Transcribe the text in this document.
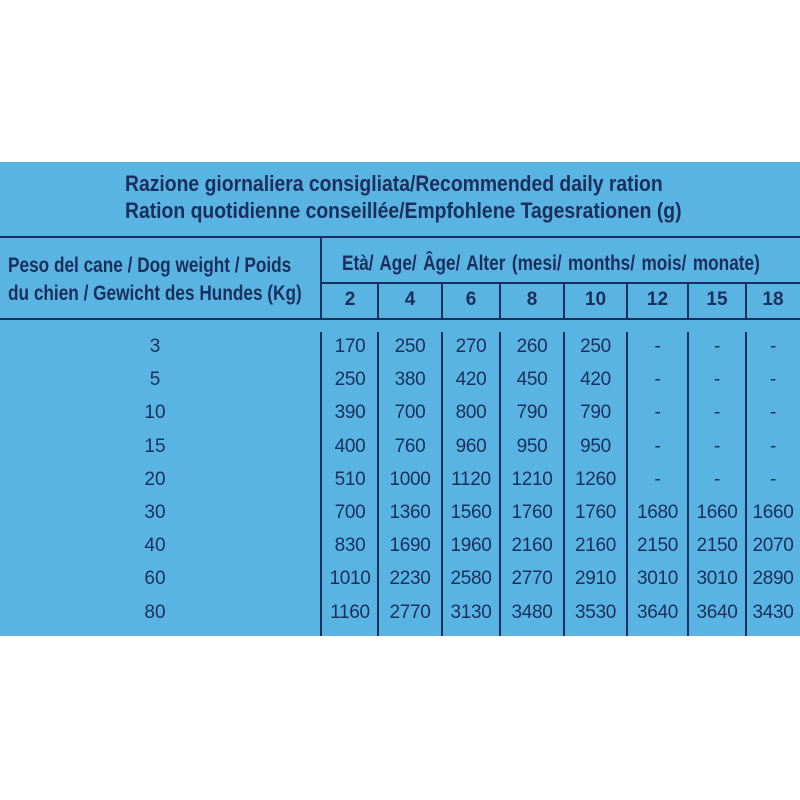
Razione giornaliera consigliata/Recommended daily ration
Ration quotidienne conseillée/Empfohlene Tagesrationen (g)
Peso del cane / Dog weight / Poids
du chien / Gewicht des Hundes (Kg)
Età/ Age/ Âge/ Alter (mesi/ months/ mois/ monate)
2	4	6	8	10	12	15	18
3	170	250	270	260	250	-	-	-
5	250	380	420	450	420	-	-	-
10	390	700	800	790	790	-	-	-
15	400	760	960	950	950	-	-	-
20	510	1000	1120	1210	1260	-	-	-
30	700	1360	1560	1760	1760	1680 1660 1660
40	830	1690	1960	2160	2160	2150 2150 2070
60	1010 2230	2580	2770	2910	3010 3010 2890
80	1160	2770	3130	3480	3530	3640 3640 3430
